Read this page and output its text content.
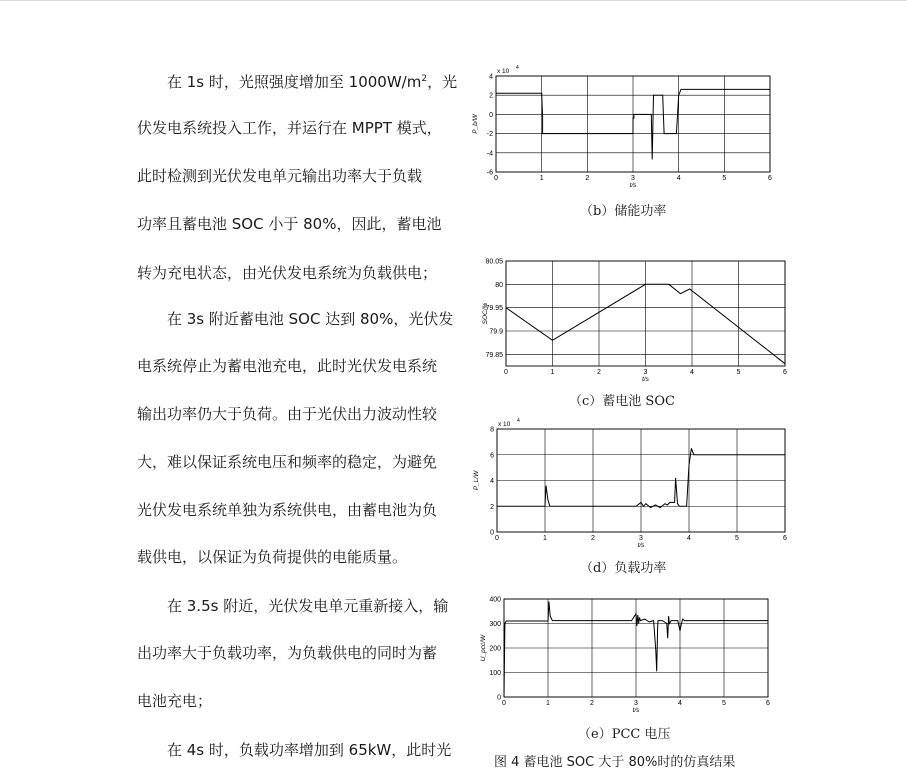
在 1s 时，光照强度增加至 $1000W/m^2$，光
伏发电系统投入工作，并运行在 MPPT 模式，
此时检测到光伏发电单元输出功率大于负载
功率且蓄电池 SOC 小于 80%，因此，蓄电池
转为充电状态，由光伏发电系统为负载供电；
在 3s 附近蓄电池 SOC 达到 80%，光伏发
电系统停止为蓄电池充电，此时光伏发电系统
输出功率仍大于负荷。由于光伏出力波动性较
大，难以保证系统电压和频率的稳定，为避免
光伏发电系统单独为系统供电，由蓄电池为负
载供电，以保证为负荷提供的电能质量。
在 3.5s 附近，光伏发电单元重新接入，输
出功率大于负载功率，为负载供电的同时为蓄
电池充电；
在 4s 时，负载功率增加到 65kW，此时光
0	1	2	3	4	5	6
4
2
0
-2
-4
-6
t/s
P_b/W
x 10 4
（b）储能功率
0	1	2	3	4	5	6
80.05
80
79.95
79.9
79.85
t/s
SOC/%
（c）蓄电池 SOC
0	1	2	3	4	5	6
8
6
4
2
0
t/s
P_L/W
x 10 4
（d）负载功率
0	1	2	3	4	5	6
400
300
200
100
0
t/s
U_pcc/W
（e）PCC 电压
图 4 蓄电池 SOC 大于 80%时的仿真结果
